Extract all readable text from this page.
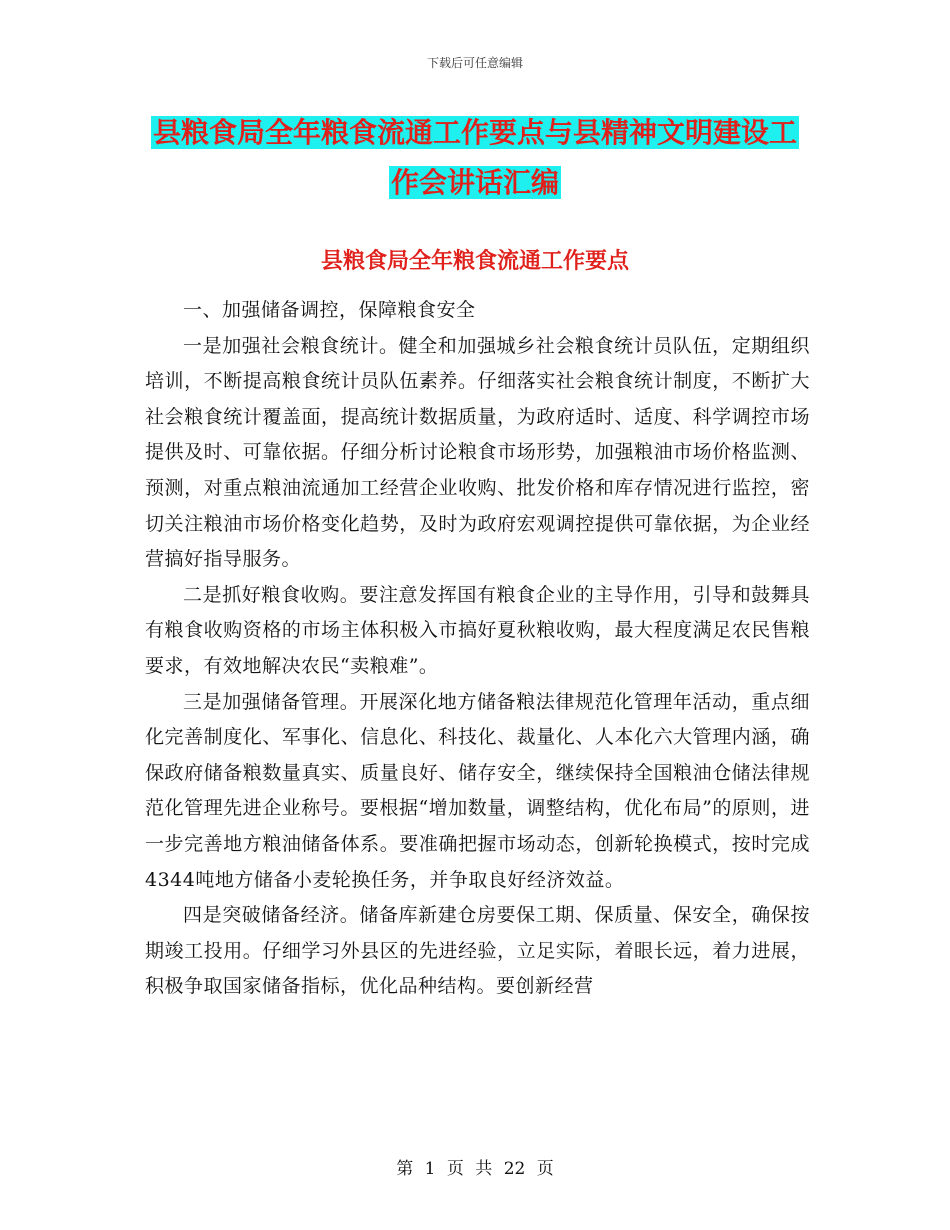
下载后可任意编辑
县粮食局全年粮食流通工作要点与县精神文明建设工
作会讲话汇编
县粮食局全年粮食流通工作要点

一、加强储备调控，保障粮食安全

一是加强社会粮食统计。健全和加强城乡社会粮食统计员队伍，定期组织培训，不断提高粮食统计员队伍素养。仔细落实社会粮食统计制度，不断扩大社会粮食统计覆盖面，提高统计数据质量，为政府适时、适度、科学调控市场提供及时、可靠依据。仔细分析讨论粮食市场形势，加强粮油市场价格监测、预测，对重点粮油流通加工经营企业收购、批发价格和库存情况进行监控，密切关注粮油市场价格变化趋势，及时为政府宏观调控提供可靠依据，为企业经营搞好指导服务。

二是抓好粮食收购。要注意发挥国有粮食企业的主导作用，引导和鼓舞具有粮食收购资格的市场主体积极入市搞好夏秋粮收购，最大程度满足农民售粮要求，有效地解决农民“卖粮难”。

三是加强储备管理。开展深化地方储备粮法律规范化管理年活动，重点细化完善制度化、军事化、信息化、科技化、裁量化、人本化六大管理内涵，确保政府储备粮数量真实、质量良好、储存安全，继续保持全国粮油仓储法律规范化管理先进企业称号。要根据“增加数量，调整结构，优化布局”的原则，进一步完善地方粮油储备体系。要准确把握市场动态，创新轮换模式，按时完成4344吨地方储备小麦轮换任务，并争取良好经济效益。

四是突破储备经济。储备库新建仓房要保工期、保质量、保安全，确保按期竣工投用。仔细学习外县区的先进经验，立足实际，着眼长远，着力进展，积极争取国家储备指标，优化品种结构。要创新经营

第 1 页 共 22 页
